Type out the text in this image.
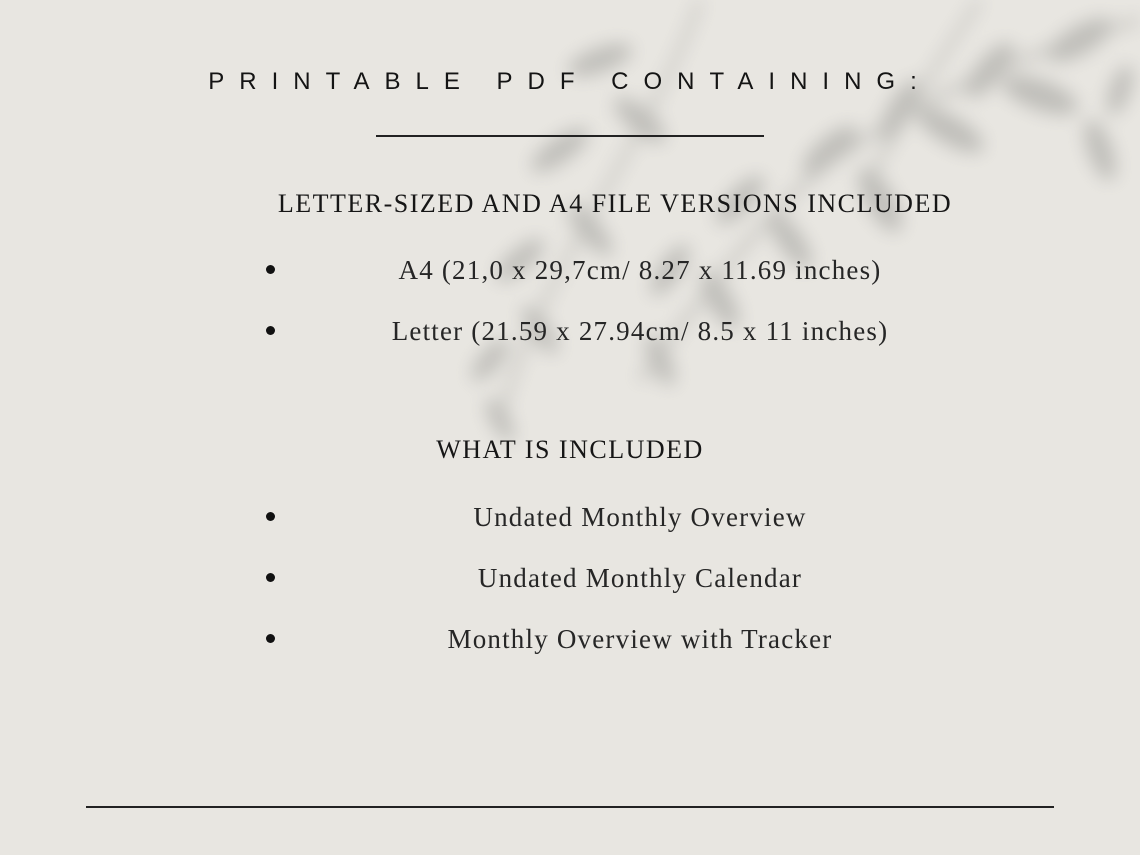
PRINTABLE PDF CONTAINING:
LETTER-SIZED AND A4 FILE VERSIONS INCLUDED
A4 (21,0 x 29,7cm/ 8.27 x 11.69 inches)
Letter (21.59 x 27.94cm/ 8.5 x 11 inches)
WHAT IS INCLUDED
Undated Monthly Overview
Undated Monthly Calendar
Monthly Overview with Tracker
